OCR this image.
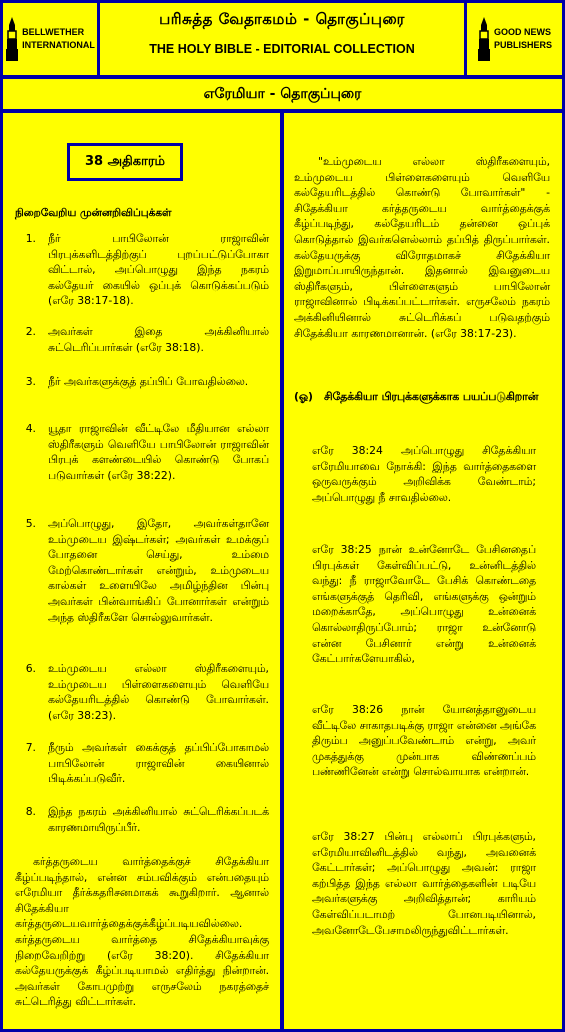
BELLWETHER
INTERNATIONAL
பரிசுத்த வேதாகமம் - தொகுப்புரை
THE HOLY BIBLE - EDITORIAL COLLECTION
GOOD NEWS
PUBLISHERS
எரேமியா - தொகுப்புரை
38 அதிகாரம்
நிறைவேறிய முன்னறிவிப்புக்கள்
1. நீர் பாபிலோன் ராஜாவின் பிரபுக்களிடத்திற்குப் புறப்பட்டுப்போகா விட்டால், அப்பொழுது இந்த நகரம் கல்தேயர் கையில் ஒப்புக் கொடுக்கப்படும் (எரே 38:17-18).
2. அவர்கள் இதை அக்கினியால் சுட்டெரிப்பார்கள் (எரே 38:18).
3. நீர் அவர்களுக்குத் தப்பிப் போவதில்லை.
4. யூதா ராஜாவின் வீட்டிலே மீதியான எல்லா ஸ்திரீகளும் வெளியே பாபிலோன் ராஜாவின் பிரபுக் களண்டையில் கொண்டு போகப் படுவார்கள் (எரே 38:22).
5. அப்பொழுது, இதோ, அவர்கள்தானே உம்முடைய இஷ்டர்கள்; அவர்கள் உமக்குப் போதனை செய்து, உம்மை மேற்கொண்டார்கள் என்றும், உம்முடைய கால்கள் உளையிலே அமிழ்ந்தின பின்பு அவர்கள் பின்வாங்கிப் போனார்கள் என்றும் அந்த ஸ்திரீகளே சொல்லுவார்கள்.
6. உம்முடைய எல்லா ஸ்திரீகளையும், உம்முடைய பிள்ளைகளையும் வெளியே கல்தேயரிடத்தில் கொண்டு போவார்கள். (எரே 38:23).
7. நீரும் அவர்கள் கைக்குத் தப்பிப்போகாமல் பாபிலோன் ராஜாவின் கையினால் பிடிக்கப்படுவீர்.
8. இந்த நகரம் அக்கினியால் சுட்டெரிக்கப்படக் காரணமாயிருப்பீர்.
கர்த்தருடைய வார்த்தைக்குச் சிதேக்கியா கீழ்ப்படிந்தால், என்ன சம்பவிக்கும் என்பதையும் எரேமியா தீர்க்கதரிசனமாகக் கூறுகிறார். ஆனால் சிதேக்கியா கர்த்தருடையவார்த்தைக்குக்கீழ்ப்படியவில்லை. கர்த்தருடைய வார்த்தை சிதேக்கியாவுக்கு நிறைவேறிற்று (எரே 38:20). சிதேக்கியா கல்தேயருக்குக் கீழ்ப்படியாமல் எதிர்த்து நின்றான். அவர்கள் கோபமுற்று எருசலேம் நகரத்தைச் சுட்டெரித்து விட்டார்கள்.
"உம்முடைய எல்லா ஸ்திரீகளையும், உம்முடைய பிள்ளைகளையும் வெளியே கல்தேயரிடத்தில் கொண்டு போவார்கள்" - சிதேக்கியா கர்த்தருடைய வார்த்தைக்குக் கீழ்ப்படிந்து, கல்தேயரிடம் தன்னை ஒப்புக் கொடுத்தால் இவர்களெல்லாம் தப்பித் திருப்பார்கள். கல்தேயருக்கு விரோதமாகச் சிதேக்கியா இறுமாப்பாயிருந்தான். இதனால் இவனுடைய ஸ்திரீகளும், பிள்ளைகளும் பாபிலோன் ராஜாவினால் பிடிக்கப்பட்டார்கள். எருசலேம் நகரம் அக்கினியினால் சுட்டெரிக்கப் படுவதற்கும் சிதேக்கியா காரணமானான். (எரே 38:17-23).
(ஓ)	சிதேக்கியா பிரபுக்களுக்காக பயப்படுகிறான்
எரே 38:24 அப்பொழுது சிதேக்கியா எரேமியாவை நோக்கி: இந்த வார்த்தைகளை ஒருவருக்கும் அறிவிக்க வேண்டாம்; அப்பொழுது நீ சாவதில்லை.
எரே 38:25 நான் உன்னோடே பேசினதைப் பிரபுக்கள் கேள்விப்பட்டு, உன்னிடத்தில் வந்து: நீ ராஜாவோடே பேசிக் கொண்டதை எங்களுக்குத் தெரிவி, எங்களுக்கு ஒன்றும் மறைக்காதே, அப்பொழுது உன்னைக் கொல்லாதிருப்போம்; ராஜா உன்னோடு என்ன பேசினார் என்று உன்னைக் கேட்பார்களேயாகில்,
எரே 38:26 நான் யோனத்தானுடைய வீட்டிலே சாகாதபடிக்கு ராஜா என்னை அங்கே திரும்ப அனுப்பவேண்டாம் என்று, அவர் முகத்துக்கு முன்பாக விண்ணப்பம் பண்ணினேன் என்று சொல்வாயாக என்றான்.
எரே 38:27 பின்பு எல்லாப் பிரபுக்களும், எரேமியாவினிடத்தில் வந்து, அவனைக் கேட்டார்கள்; அப்பொழுது அவன்: ராஜா கற்பித்த இந்த எல்லா வார்த்தைகளின் படியே அவர்களுக்கு அறிவித்தான்; காரியம் கேள்விப்படாமற் போனபடியினால், அவனோடேபேசாமலிருந்துவிட்டார்கள்.
